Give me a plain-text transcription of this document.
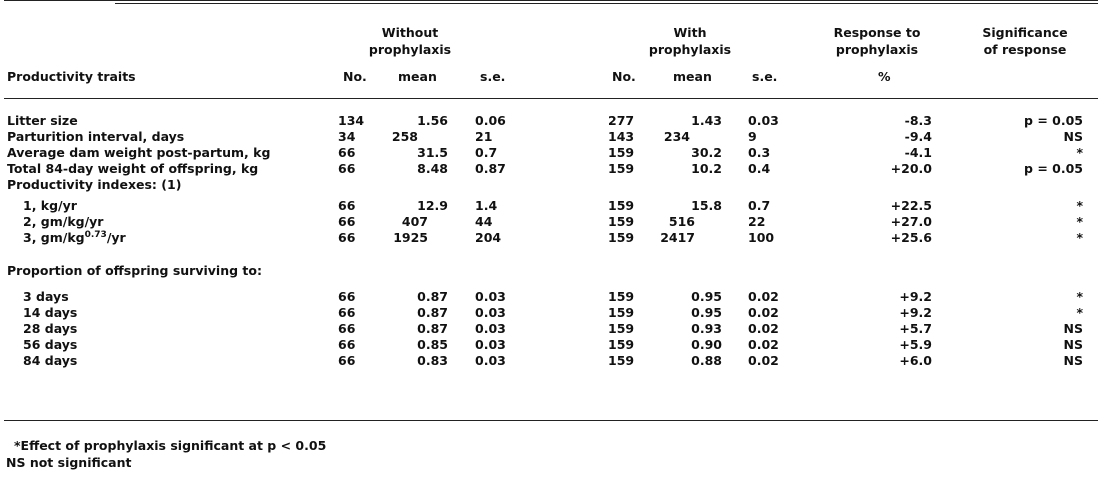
Without
prophylaxis
With
prophylaxis
Response to
prophylaxis
Significance
of response
Productivity traits	No. mean	s.e.	No.	mean	s.e.	%
Litter size	134	1.56 0.06	277	1.43 0.03	-8.3	p = 0.05
Parturition interval, days	34	258	21	143	234	9	-9.4	NS
Average dam weight post-partum, kg	66	31.5 0.7	159	30.2 0.3	-4.1	*
Total 84-day weight of offspring, kg	66	8.48 0.87	159	10.2 0.4	+20.0	p = 0.05
Productivity indexes: (1)
1, kg/yr	66	12.9 1.4	159	15.8 0.7	+22.5	*
2, gm/kg/yr	66	407	44	159	516	22	+27.0	*
3, $gm/kg^{0.73}/yr$	66	1925	204	159	2417	100	+25.6	*
Proportion of offspring surviving to:
3 days	66	0.87 0.03	159	0.95 0.02	+9.2	*
14 days	66	0.87 0.03	159	0.95 0.02	+9.2	*
28 days	66	0.87 0.03	159	0.93 0.02	+5.7	NS
56 days	66	0.85 0.03	159	0.90 0.02	+5.9	NS
84 days	66	0.83 0.03	159	0.88 0.02	+6.0	NS
*Effect of prophylaxis significant at p < 0.05
NS not significant
